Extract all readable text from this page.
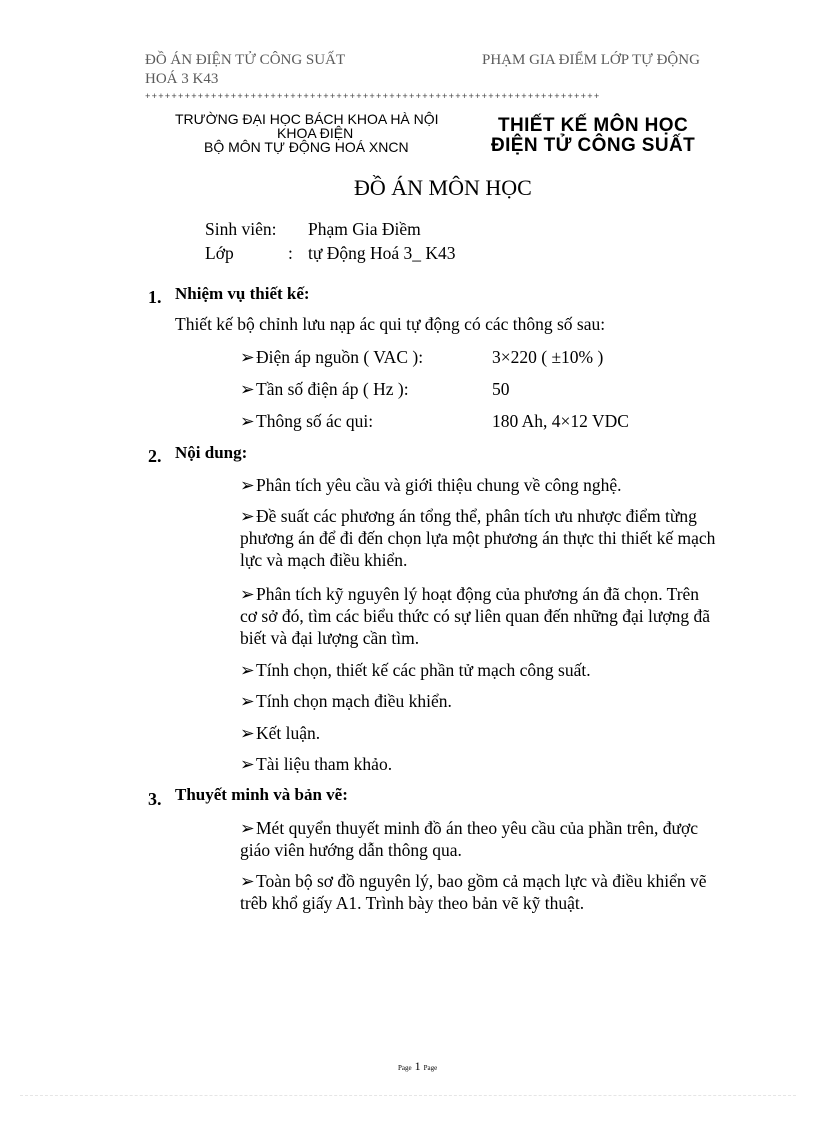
ĐỒ ÁN ĐIỆN TỬ CÔNG SUẤT
HOÁ 3 K43
PHẠM GIA ĐIỂM LỚP TỰ ĐỘNG
+++++++++++++++++++++++++++++++++++++++++++++++++++++++++++++++++++++
TRƯỜNG ĐẠI HỌC BÁCH KHOA HÀ NỘI
KHOA ĐIỆN
BỘ MÔN TỰ ĐỘNG HOÁ XNCN
THIẾT KẾ MÔN HỌC
ĐIỆN TỬ CÔNG SUẤT
ĐỒ ÁN MÔN HỌC
Sinh viên: Phạm Gia Điềm
Lớp	: tự Động Hoá 3_ K43
1. Nhiệm vụ thiết kế:
Thiết kế bộ chỉnh lưu nạp ác qui tự động có các thông số sau:
➢Điện áp nguồn ( VAC ):	3×220 ( ±10% )
➢Tần số điện áp ( Hz ):	50
➢Thông số ác qui:	180 Ah, 4×12 VDC
2. Nội dung:
➢Phân tích yêu cầu và giới thiệu chung về công nghệ.
➢Đề suất các phương án tổng thể, phân tích ưu nhược điểm từng phương án để đi đến chọn lựa một phương án thực thi thiết kế mạch lực và mạch điều khiển.
➢Phân tích kỹ nguyên lý hoạt động của phương án đã chọn. Trên cơ sở đó, tìm các biểu thức có sự liên quan đến những đại lượng đã biết và đại lượng cần tìm.
➢Tính chọn, thiết kế các phần tử mạch công suất.
➢Tính chọn mạch điều khiển.
➢Kết luận.
➢Tài liệu tham khảo.
3. Thuyết minh và bản vẽ:
➢Mét quyển thuyết minh đồ án theo yêu cầu của phần trên, được giáo viên hướng dẫn thông qua.
➢Toàn bộ sơ đồ nguyên lý, bao gồm cả mạch lực và điều khiển vẽ trêb khổ giấy A1. Trình bày theo bản vẽ kỹ thuật.
Page 1 Page
